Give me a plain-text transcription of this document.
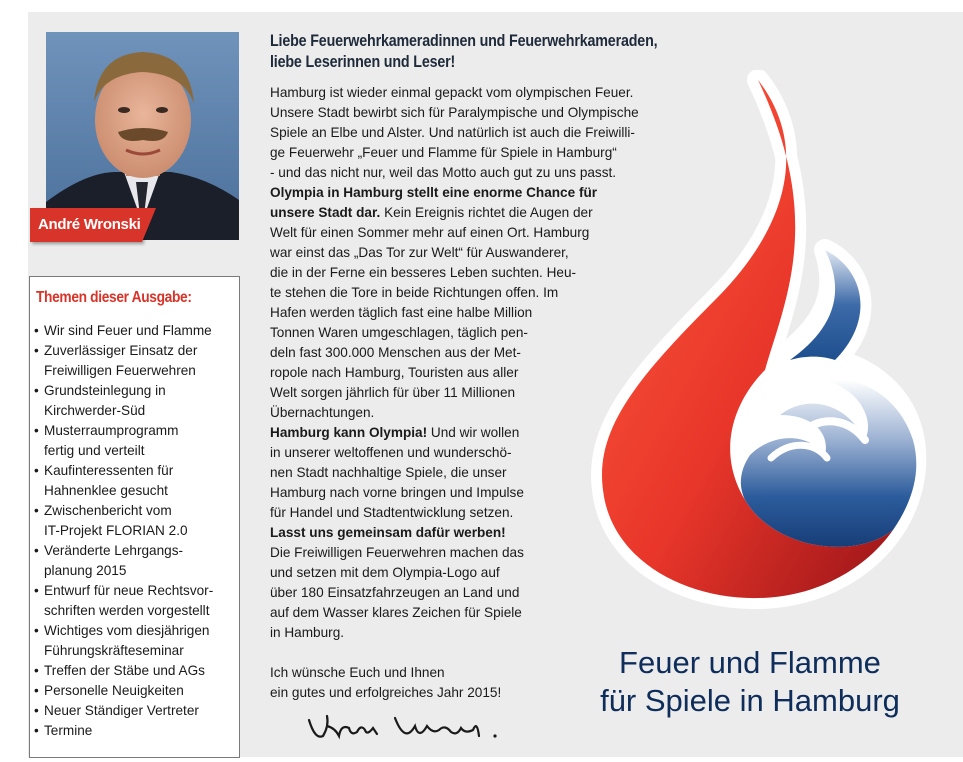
André Wronski
Themen dieser Ausgabe:
• Wir sind Feuer und Flamme
• Zuverlässiger Einsatz der
Freiwilligen Feuerwehren
• Grundsteinlegung in
Kirchwerder-Süd
• Musterraumprogramm
fertig und verteilt
• Kaufinteressenten für
Hahnenklee gesucht
• Zwischenbericht vom
IT-Projekt FLORIAN 2.0
• Veränderte Lehrgangs-
planung 2015
• Entwurf für neue Rechtsvor-
schriften werden vorgestellt
• Wichtiges vom diesjährigen
Führungskräfteseminar
• Treffen der Stäbe und AGs
• Personelle Neuigkeiten
• Neuer Ständiger Vertreter
• Termine
Liebe Feuerwehrkameradinnen und Feuerwehrkameraden,
liebe Leserinnen und Leser!
Hamburg ist wieder einmal gepackt vom olympischen Feuer.
Unsere Stadt bewirbt sich für Paralympische und Olympische
Spiele an Elbe und Alster. Und natürlich ist auch die Freiwilli-
ge Feuerwehr „Feuer und Flamme für Spiele in Hamburg“
- und das nicht nur, weil das Motto auch gut zu uns passt.
Olympia in Hamburg stellt eine enorme Chance für
unsere Stadt dar. Kein Ereignis richtet die Augen der
Welt für einen Sommer mehr auf einen Ort. Hamburg
war einst das „Das Tor zur Welt“ für Auswanderer,
die in der Ferne ein besseres Leben suchten. Heu-
te stehen die Tore in beide Richtungen offen. Im
Hafen werden täglich fast eine halbe Million
Tonnen Waren umgeschlagen, täglich pen-
deln fast 300.000 Menschen aus der Met-
ropole nach Hamburg, Touristen aus aller
Welt sorgen jährlich für über 11 Millionen
Übernachtungen.
Hamburg kann Olympia! Und wir wollen
in unserer weltoffenen und wunderschö-
nen Stadt nachhaltige Spiele, die unser
Hamburg nach vorne bringen und Impulse
für Handel und Stadtentwicklung setzen.
Lasst uns gemeinsam dafür werben!
Die Freiwilligen Feuerwehren machen das
und setzen mit dem Olympia-Logo auf
über 180 Einsatzfahrzeugen an Land und
auf dem Wasser klares Zeichen für Spiele
in Hamburg.
Ich wünsche Euch und Ihnen
ein gutes und erfolgreiches Jahr 2015!
Feuer und Flamme
für Spiele in Hamburg
